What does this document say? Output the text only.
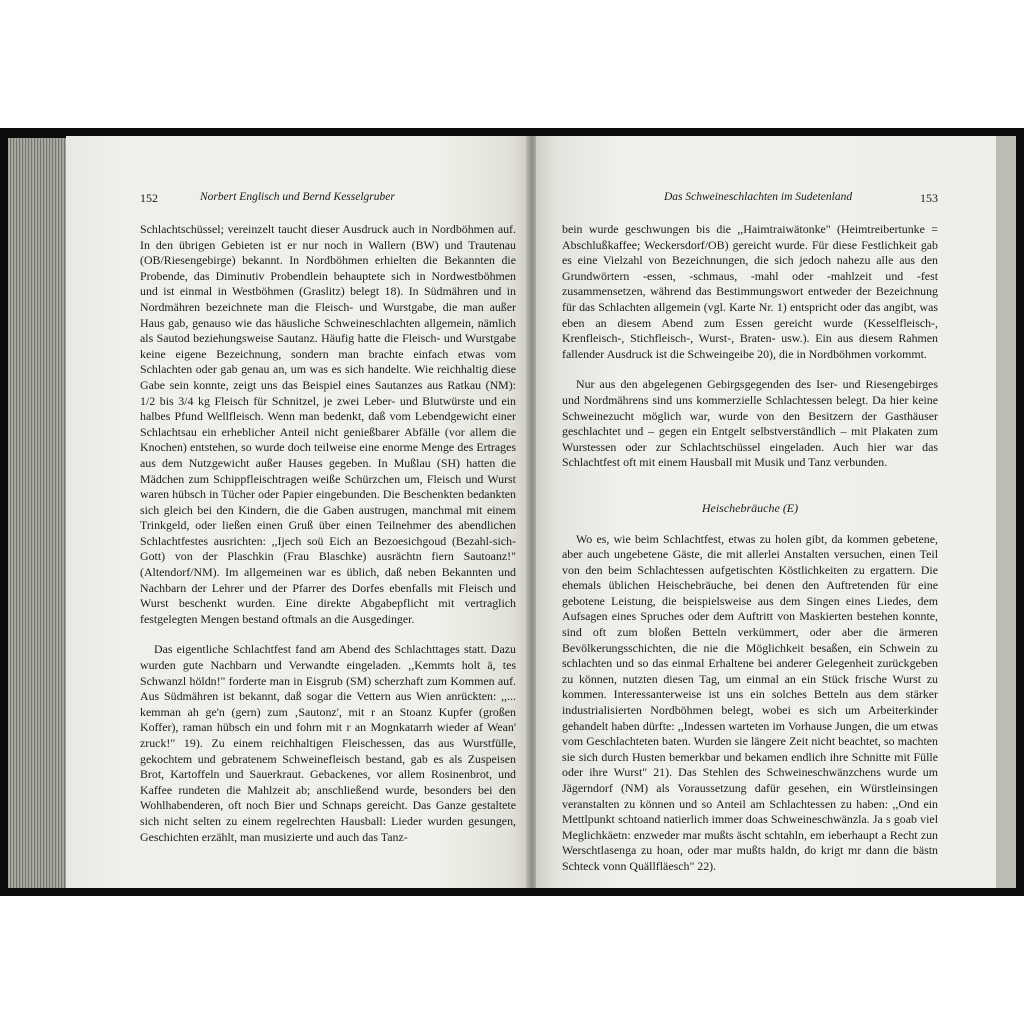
152	Norbert Englisch und Bernd Kesselgruber

Schlachtschüssel; vereinzelt taucht dieser Ausdruck auch in Nordböhmen auf. In den übrigen Gebieten ist er nur noch in Wallern (BW) und Trautenau (OB/Riesengebirge) bekannt. In Nordböhmen erhielten die Bekannten die Probende, das Diminutiv Probendlein behauptete sich in Nordwestböhmen und ist einmal in Westböhmen (Graslitz) belegt 18). In Südmähren und in Nordmähren bezeichnete man die Fleisch- und Wurstgabe, die man außer Haus gab, genauso wie das häusliche Schweineschlachten allgemein, nämlich als Sautod beziehungsweise Sautanz. Häufig hatte die Fleisch- und Wurstgabe keine eigene Bezeichnung, sondern man brachte einfach etwas vom Schlachten oder gab genau an, um was es sich handelte. Wie reichhaltig diese Gabe sein konnte, zeigt uns das Beispiel eines Sautanzes aus Ratkau (NM): 1/2 bis 3/4 kg Fleisch für Schnitzel, je zwei Leber- und Blutwürste und ein halbes Pfund Wellfleisch. Wenn man bedenkt, daß vom Lebendgewicht einer Schlachtsau ein erheblicher Anteil nicht genießbarer Abfälle (vor allem die Knochen) entstehen, so wurde doch teilweise eine enorme Menge des Ertrages aus dem Nutzgewicht außer Hauses gegeben. In Mußlau (SH) hatten die Mädchen zum Schippfleischtragen weiße Schürzchen um, Fleisch und Wurst waren hübsch in Tücher oder Papier eingebunden. Die Beschenkten bedankten sich gleich bei den Kindern, die die Gaben austrugen, manchmal mit einem Trinkgeld, oder ließen einen Gruß über einen Teilnehmer des abendlichen Schlachtfestes ausrichten: ,,Ijech soü Eich an Bezoesichgoud (Bezahl-sich-Gott) von der Plaschkin (Frau Blaschke) ausrächtn fiern Sautoanz!" (Altendorf/NM). Im allgemeinen war es üblich, daß neben Bekannten und Nachbarn der Lehrer und der Pfarrer des Dorfes ebenfalls mit Fleisch und Wurst beschenkt wurden. Eine direkte Abgabepflicht mit vertraglich festgelegten Mengen bestand oftmals an die Ausgedinger.

Das eigentliche Schlachtfest fand am Abend des Schlachttages statt. Dazu wurden gute Nachbarn und Verwandte eingeladen. ,,Kemmts holt ä, tes Schwanzl höldn!" forderte man in Eisgrub (SM) scherzhaft zum Kommen auf. Aus Südmähren ist bekannt, daß sogar die Vettern aus Wien anrückten: ,,... kemman ah ge'n (gern) zum ‚Sautonz', mit r an Stoanz Kupfer (großen Koffer), raman hübsch ein und fohrn mit r an Mognkatarrh wieder af Wean' zruck!" 19). Zu einem reichhaltigen Fleischessen, das aus Wurstfülle, gekochtem und gebratenem Schweinefleisch bestand, gab es als Zuspeisen Brot, Kartoffeln und Sauerkraut. Gebackenes, vor allem Rosinenbrot, und Kaffee rundeten die Mahlzeit ab; anschließend wurde, besonders bei den Wohlhabenderen, oft noch Bier und Schnaps gereicht. Das Ganze gestaltete sich nicht selten zu einem regelrechten Hausball: Lieder wurden gesungen, Geschichten erzählt, man musizierte und auch das Tanz-

Das Schweineschlachten im Sudetenland	153

bein wurde geschwungen bis die ,,Haimtraiwätonke" (Heimtreibertunke = Abschlußkaffee; Weckersdorf/OB) gereicht wurde. Für diese Festlichkeit gab es eine Vielzahl von Bezeichnungen, die sich jedoch nahezu alle aus den Grundwörtern -essen, -schmaus, -mahl oder -mahlzeit und -fest zusammensetzen, während das Bestimmungswort entweder der Bezeichnung für das Schlachten allgemein (vgl. Karte Nr. 1) entspricht oder das angibt, was eben an diesem Abend zum Essen gereicht wurde (Kesselfleisch-, Krenfleisch-, Stichfleisch-, Wurst-, Braten- usw.). Ein aus diesem Rahmen fallender Ausdruck ist die Schweingeibe 20), die in Nordböhmen vorkommt.

Nur aus den abgelegenen Gebirgsgegenden des Iser- und Riesengebirges und Nordmährens sind uns kommerzielle Schlachtessen belegt. Da hier keine Schweinezucht möglich war, wurde von den Besitzern der Gasthäuser geschlachtet und – gegen ein Entgelt selbstverständlich – mit Plakaten zum Wurstessen oder zur Schlachtschüssel eingeladen. Auch hier war das Schlachtfest oft mit einem Hausball mit Musik und Tanz verbunden.

Heischebräuche (E)

Wo es, wie beim Schlachtfest, etwas zu holen gibt, da kommen gebetene, aber auch ungebetene Gäste, die mit allerlei Anstalten versuchen, einen Teil von den beim Schlachtessen aufgetischten Köstlichkeiten zu ergattern. Die ehemals üblichen Heischebräuche, bei denen den Auftretenden für eine gebotene Leistung, die beispielsweise aus dem Singen eines Liedes, dem Aufsagen eines Spruches oder dem Auftritt von Maskierten bestehen konnte, sind oft zum bloßen Betteln verkümmert, oder aber die ärmeren Bevölkerungsschichten, die nie die Möglichkeit besaßen, ein Schwein zu schlachten und so das einmal Erhaltene bei anderer Gelegenheit zurückgeben zu können, nutzten diesen Tag, um einmal an ein Stück frische Wurst zu kommen. Interessanterweise ist uns ein solches Betteln aus dem stärker industrialisierten Nordböhmen belegt, wobei es sich um Arbeiterkinder gehandelt haben dürfte: ,,Indessen warteten im Vorhause Jungen, die um etwas vom Geschlachteten baten. Wurden sie längere Zeit nicht beachtet, so machten sie sich durch Husten bemerkbar und bekamen endlich ihre Schnitte mit Fülle oder ihre Wurst" 21). Das Stehlen des Schweineschwänzchens wurde um Jägerndorf (NM) als Voraussetzung dafür gesehen, ein Würstleinsingen veranstalten zu können und so Anteil am Schlachtessen zu haben: ,,Ond ein Mettlpunkt schtoand natierlich immer doas Schweineschwänzla. Ja s goab viel Meglichkäetn: enzweder mar mußts äscht schtahln, em ieberhaupt a Recht zun Werschtlasenga zu hoan, oder mar mußts haldn, do krigt mr dann die bästn Schteck vonn Quällfläesch" 22).
